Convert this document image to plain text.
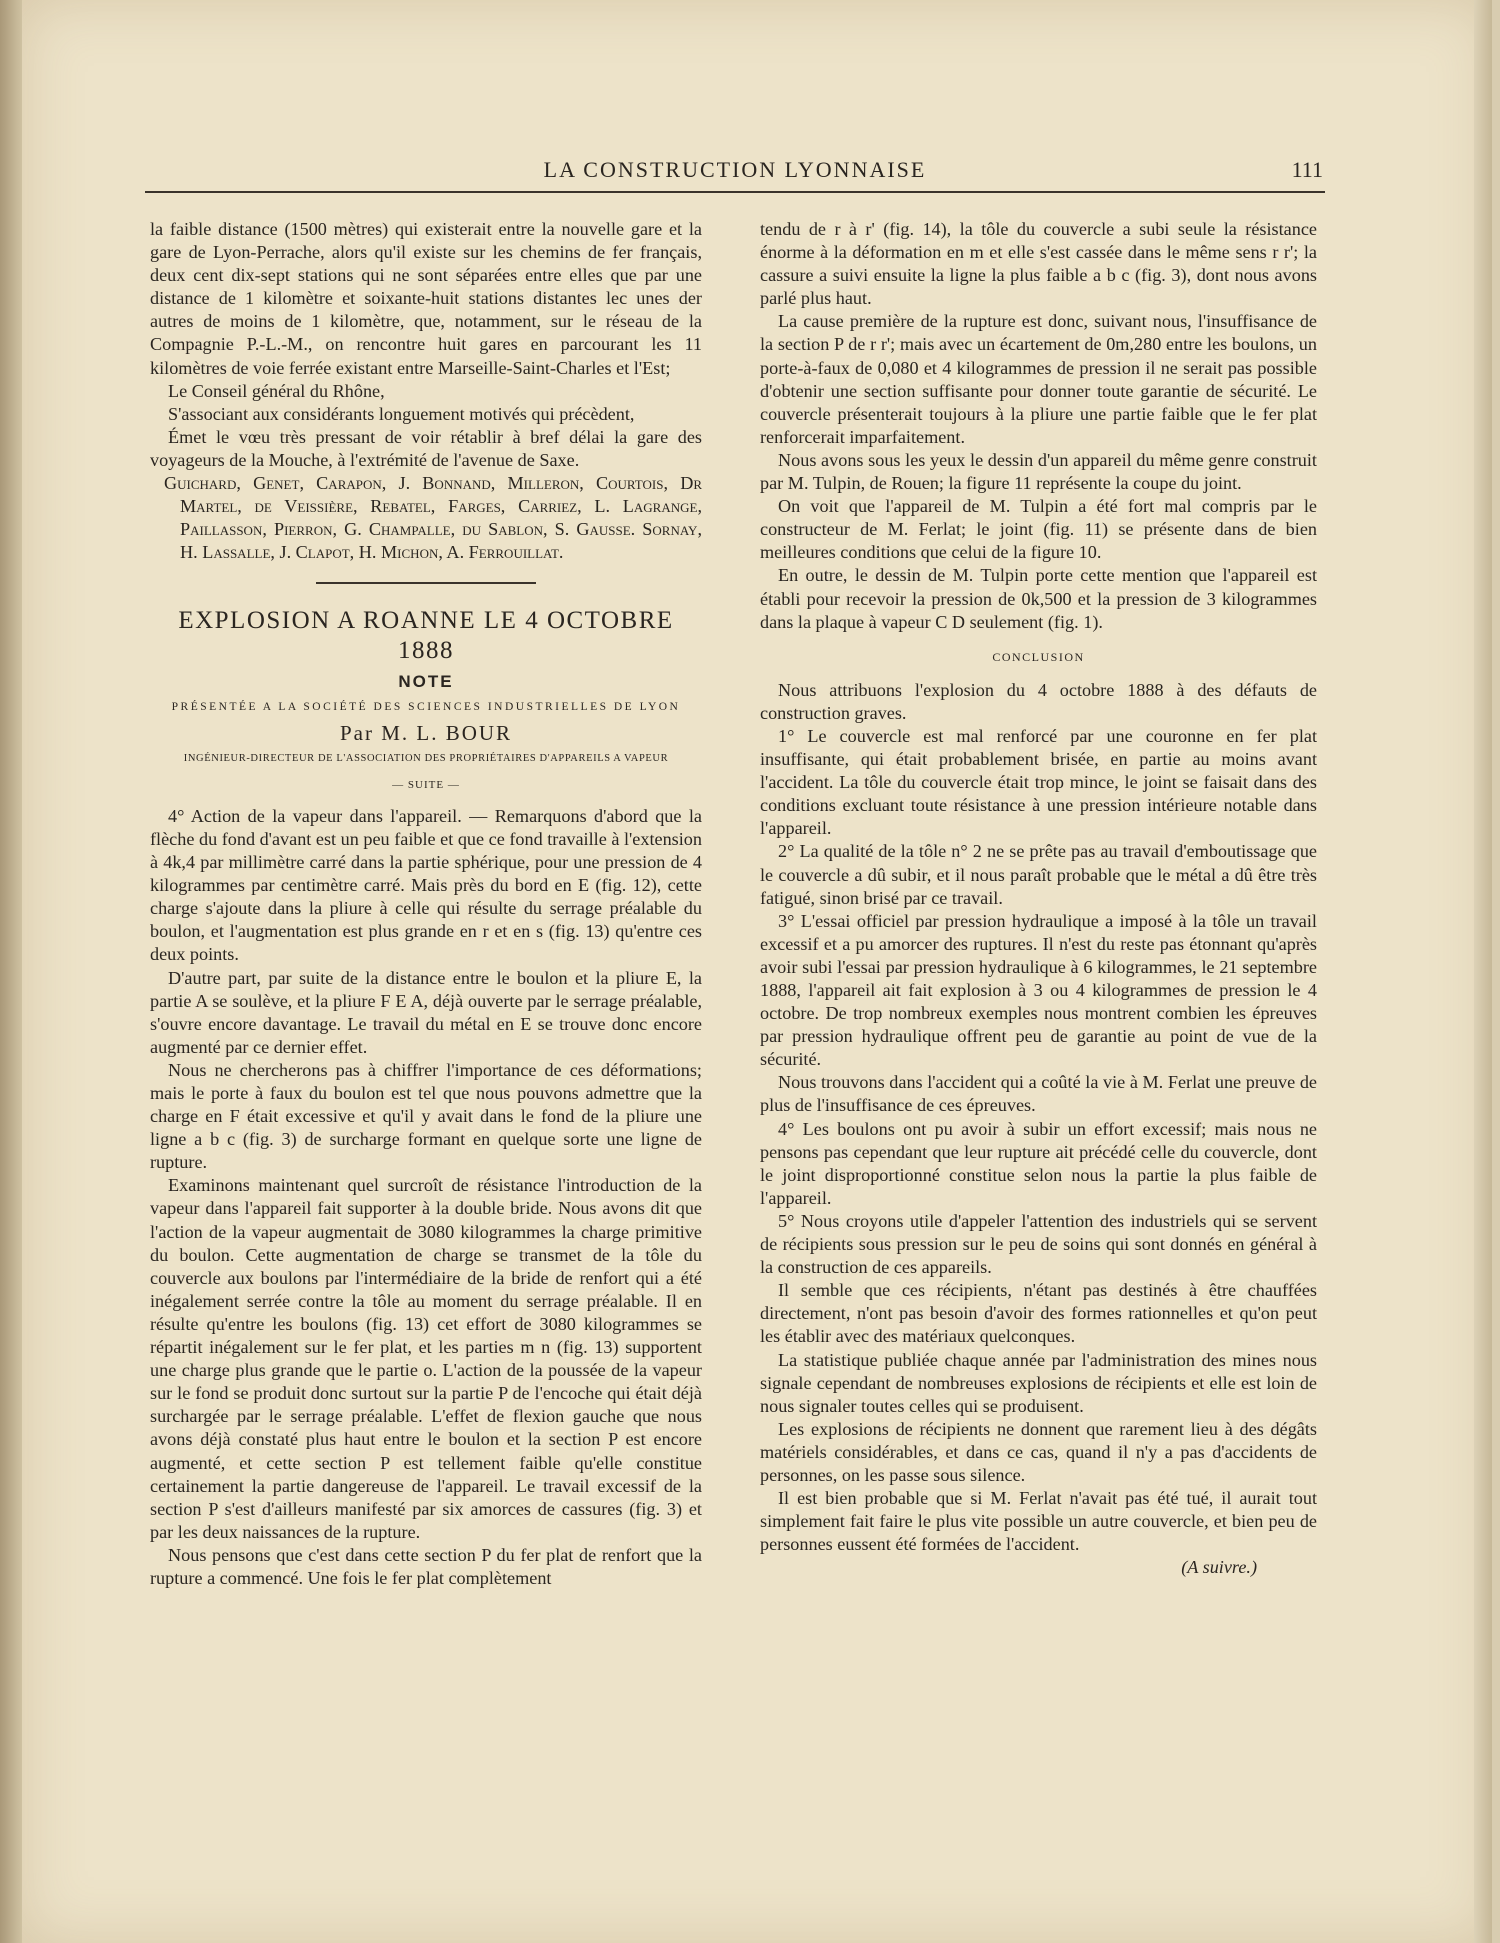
LA CONSTRUCTION LYONNAISE	111

la faible distance (1500 mètres) qui existerait entre la nouvelle gare et la gare de Lyon-Perrache, alors qu'il existe sur les chemins de fer français, deux cent dix-sept stations qui ne sont séparées entre elles que par une distance de 1 kilomètre et soixante-huit stations distantes lec unes der autres de moins de 1 kilomètre, que, notamment, sur le réseau de la Compagnie P.-L.-M., on rencontre huit gares en parcourant les 11 kilomètres de voie ferrée existant entre Marseille-Saint-Charles et l'Est;

Le Conseil général du Rhône,

S'associant aux considérants longuement motivés qui précèdent,

Émet le vœu très pressant de voir rétablir à bref délai la gare des voyageurs de la Mouche, à l'extrémité de l'avenue de Saxe.

Guichard, Genet, Carapon, J. Bonnand, Milleron, Courtois, Dr Martel, de Veissière, Rebatel, Farges, Carriez, L. Lagrange, Paillasson, Pierron, G. Champalle, du Sablon, S. Gausse. Sornay, H. Lassalle, J. Clapot, H. Michon, A. Ferrouillat.

EXPLOSION A ROANNE LE 4 OCTOBRE 1888
NOTE
PRÉSENTÉE A LA SOCIÉTÉ DES SCIENCES INDUSTRIELLES DE LYON
Par M. L. BOUR
INGÉNIEUR-DIRECTEUR DE L'ASSOCIATION DES PROPRIÉTAIRES D'APPAREILS A VAPEUR
— SUITE —

4° Action de la vapeur dans l'appareil. — Remarquons d'abord que la flèche du fond d'avant est un peu faible et que ce fond travaille à l'extension à 4k,4 par millimètre carré dans la partie sphérique, pour une pression de 4 kilogrammes par centimètre carré. Mais près du bord en E (fig. 12), cette charge s'ajoute dans la pliure à celle qui résulte du serrage préalable du boulon, et l'augmentation est plus grande en r et en s (fig. 13) qu'entre ces deux points.

D'autre part, par suite de la distance entre le boulon et la pliure E, la partie A se soulève, et la pliure F E A, déjà ouverte par le serrage préalable, s'ouvre encore davantage. Le travail du métal en E se trouve donc encore augmenté par ce dernier effet.

Nous ne chercherons pas à chiffrer l'importance de ces déformations; mais le porte à faux du boulon est tel que nous pouvons admettre que la charge en F était excessive et qu'il y avait dans le fond de la pliure une ligne a b c (fig. 3) de surcharge formant en quelque sorte une ligne de rupture.

Examinons maintenant quel surcroît de résistance l'introduction de la vapeur dans l'appareil fait supporter à la double bride. Nous avons dit que l'action de la vapeur augmentait de 3080 kilogrammes la charge primitive du boulon. Cette augmentation de charge se transmet de la tôle du couvercle aux boulons par l'intermédiaire de la bride de renfort qui a été inégalement serrée contre la tôle au moment du serrage préalable. Il en résulte qu'entre les boulons (fig. 13) cet effort de 3080 kilogrammes se répartit inégalement sur le fer plat, et les parties m n (fig. 13) supportent une charge plus grande que le partie o. L'action de la poussée de la vapeur sur le fond se produit donc surtout sur la partie P de l'encoche qui était déjà surchargée par le serrage préalable. L'effet de flexion gauche que nous avons déjà constaté plus haut entre le boulon et la section P est encore augmenté, et cette section P est tellement faible qu'elle constitue certainement la partie dangereuse de l'appareil. Le travail excessif de la section P s'est d'ailleurs manifesté par six amorces de cassures (fig. 3) et par les deux naissances de la rupture.

Nous pensons que c'est dans cette section P du fer plat de renfort que la rupture a commencé. Une fois le fer plat complètement

tendu de r à r' (fig. 14), la tôle du couvercle a subi seule la résistance énorme à la déformation en m et elle s'est cassée dans le même sens r r'; la cassure a suivi ensuite la ligne la plus faible a b c (fig. 3), dont nous avons parlé plus haut.

La cause première de la rupture est donc, suivant nous, l'insuffisance de la section P de r r'; mais avec un écartement de 0m,280 entre les boulons, un porte-à-faux de 0,080 et 4 kilogrammes de pression il ne serait pas possible d'obtenir une section suffisante pour donner toute garantie de sécurité. Le couvercle présenterait toujours à la pliure une partie faible que le fer plat renforcerait imparfaitement.

Nous avons sous les yeux le dessin d'un appareil du même genre construit par M. Tulpin, de Rouen; la figure 11 représente la coupe du joint.

On voit que l'appareil de M. Tulpin a été fort mal compris par le constructeur de M. Ferlat; le joint (fig. 11) se présente dans de bien meilleures conditions que celui de la figure 10.

En outre, le dessin de M. Tulpin porte cette mention que l'appareil est établi pour recevoir la pression de 0k,500 et la pression de 3 kilogrammes dans la plaque à vapeur C D seulement (fig. 1).

CONCLUSION

Nous attribuons l'explosion du 4 octobre 1888 à des défauts de construction graves.

1° Le couvercle est mal renforcé par une couronne en fer plat insuffisante, qui était probablement brisée, en partie au moins avant l'accident. La tôle du couvercle était trop mince, le joint se faisait dans des conditions excluant toute résistance à une pression intérieure notable dans l'appareil.

2° La qualité de la tôle n° 2 ne se prête pas au travail d'emboutissage que le couvercle a dû subir, et il nous paraît probable que le métal a dû être très fatigué, sinon brisé par ce travail.

3° L'essai officiel par pression hydraulique a imposé à la tôle un travail excessif et a pu amorcer des ruptures. Il n'est du reste pas étonnant qu'après avoir subi l'essai par pression hydraulique à 6 kilogrammes, le 21 septembre 1888, l'appareil ait fait explosion à 3 ou 4 kilogrammes de pression le 4 octobre. De trop nombreux exemples nous montrent combien les épreuves par pression hydraulique offrent peu de garantie au point de vue de la sécurité.

Nous trouvons dans l'accident qui a coûté la vie à M. Ferlat une preuve de plus de l'insuffisance de ces épreuves.

4° Les boulons ont pu avoir à subir un effort excessif; mais nous ne pensons pas cependant que leur rupture ait précédé celle du couvercle, dont le joint disproportionné constitue selon nous la partie la plus faible de l'appareil.

5° Nous croyons utile d'appeler l'attention des industriels qui se servent de récipients sous pression sur le peu de soins qui sont donnés en général à la construction de ces appareils.

Il semble que ces récipients, n'étant pas destinés à être chauffées directement, n'ont pas besoin d'avoir des formes rationnelles et qu'on peut les établir avec des matériaux quelconques.

La statistique publiée chaque année par l'administration des mines nous signale cependant de nombreuses explosions de récipients et elle est loin de nous signaler toutes celles qui se produisent.

Les explosions de récipients ne donnent que rarement lieu à des dégâts matériels considérables, et dans ce cas, quand il n'y a pas d'accidents de personnes, on les passe sous silence.

Il est bien probable que si M. Ferlat n'avait pas été tué, il aurait tout simplement fait faire le plus vite possible un autre couvercle, et bien peu de personnes eussent été formées de l'accident.

(A suivre.)
